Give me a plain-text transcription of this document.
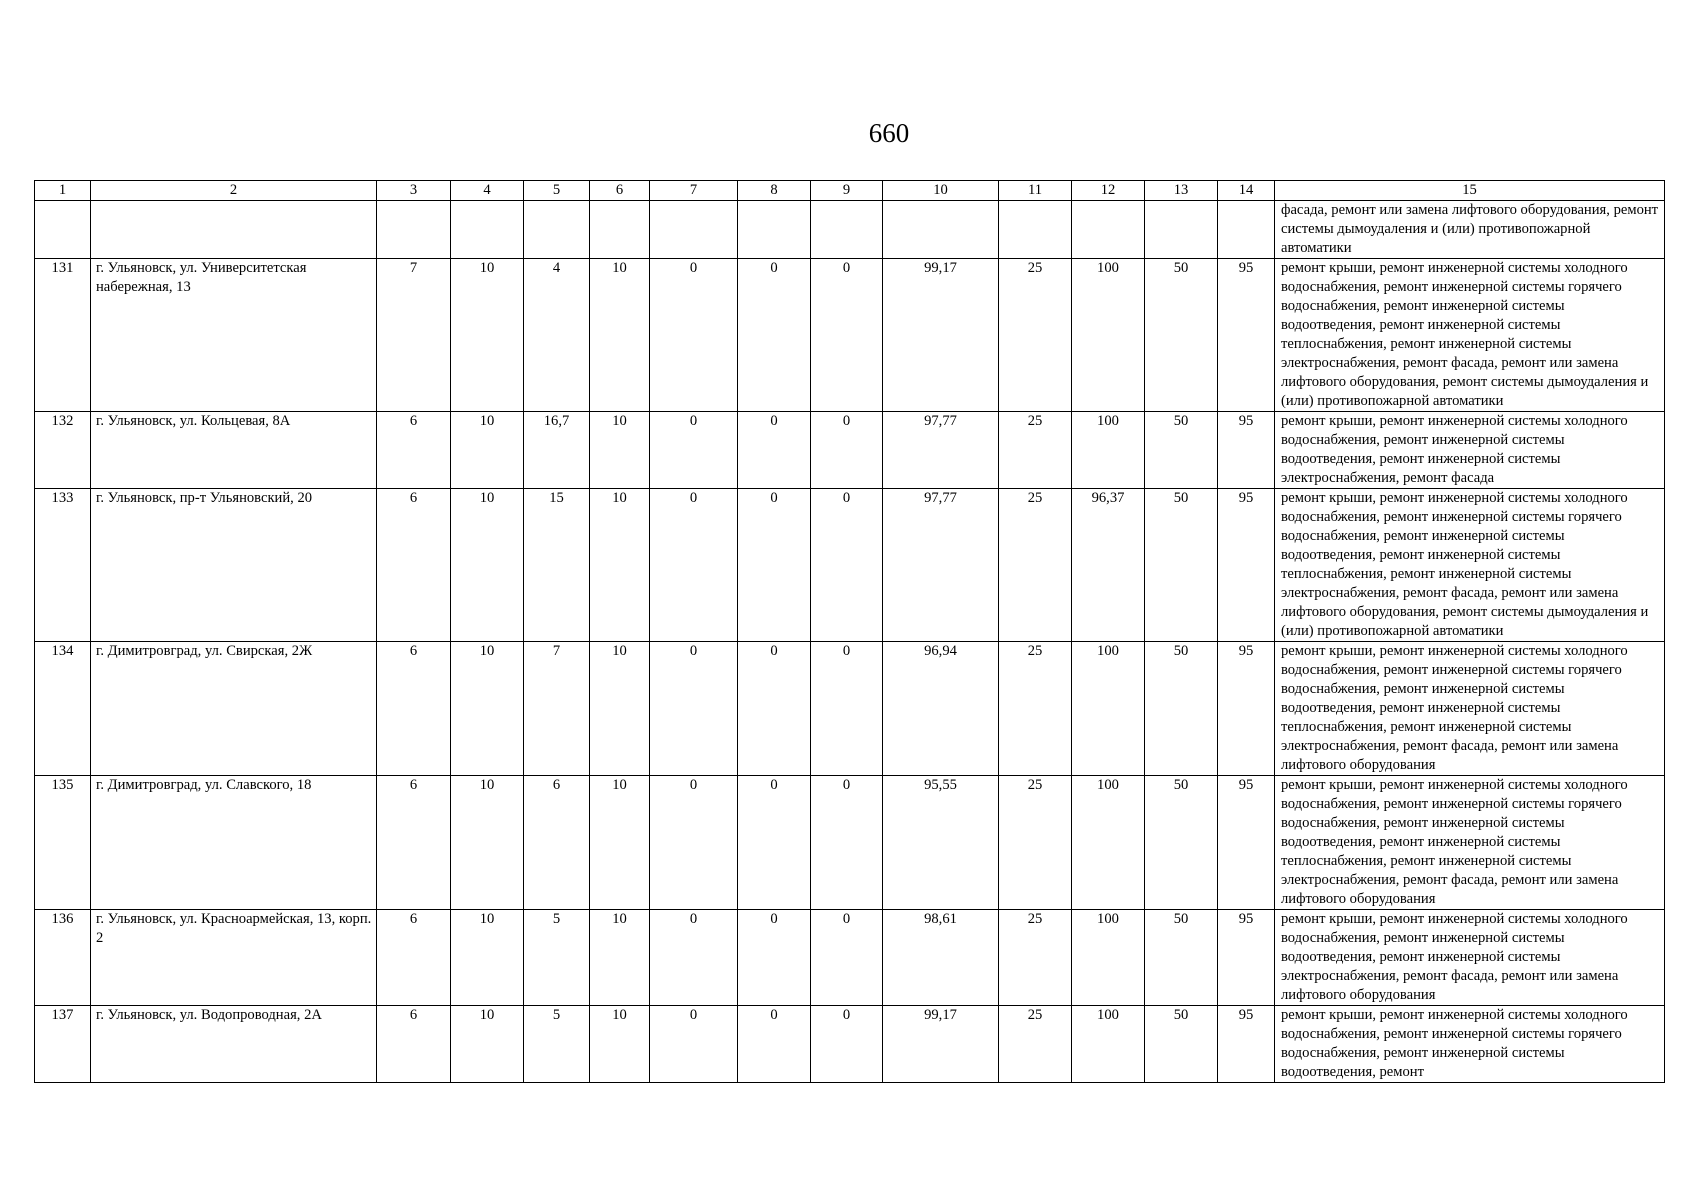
660
1	2	3	4	5	6	7	8	9	10	11	12	13	14	15
														фасада, ремонт или замена лифтового оборудования, ремонт системы дымоудаления и (или) противопожарной автоматики
131	г. Ульяновск, ул. Университетская набережная, 13	7	10	4	10	0	0	0	99,17	25	100	50	95	ремонт крыши, ремонт инженерной системы холодного водоснабжения, ремонт инженерной системы горячего водоснабжения, ремонт инженерной системы водоотведения, ремонт инженерной системы теплоснабжения, ремонт инженерной системы электроснабжения, ремонт фасада, ремонт или замена лифтового оборудования, ремонт системы дымоудаления и (или) противопожарной автоматики
132	г. Ульяновск, ул. Кольцевая, 8А	6	10	16,7	10	0	0	0	97,77	25	100	50	95	ремонт крыши, ремонт инженерной системы холодного водоснабжения, ремонт инженерной системы водоотведения, ремонт инженерной системы электроснабжения, ремонт фасада
133	г. Ульяновск, пр-т Ульяновский, 20	6	10	15	10	0	0	0	97,77	25	96,37	50	95	ремонт крыши, ремонт инженерной системы холодного водоснабжения, ремонт инженерной системы горячего водоснабжения, ремонт инженерной системы водоотведения, ремонт инженерной системы теплоснабжения, ремонт инженерной системы электроснабжения, ремонт фасада, ремонт или замена лифтового оборудования, ремонт системы дымоудаления и (или) противопожарной автоматики
134	г. Димитровград, ул. Свирская, 2Ж	6	10	7	10	0	0	0	96,94	25	100	50	95	ремонт крыши, ремонт инженерной системы холодного водоснабжения, ремонт инженерной системы горячего водоснабжения, ремонт инженерной системы водоотведения, ремонт инженерной системы теплоснабжения, ремонт инженерной системы электроснабжения, ремонт фасада, ремонт или замена лифтового оборудования
135	г. Димитровград, ул. Славского, 18	6	10	6	10	0	0	0	95,55	25	100	50	95	ремонт крыши, ремонт инженерной системы холодного водоснабжения, ремонт инженерной системы горячего водоснабжения, ремонт инженерной системы водоотведения, ремонт инженерной системы теплоснабжения, ремонт инженерной системы электроснабжения, ремонт фасада, ремонт или замена лифтового оборудования
136	г. Ульяновск, ул. Красноармейская, 13, корп. 2	6	10	5	10	0	0	0	98,61	25	100	50	95	ремонт крыши, ремонт инженерной системы холодного водоснабжения, ремонт инженерной системы водоотведения, ремонт инженерной системы электроснабжения, ремонт фасада, ремонт или замена лифтового оборудования
137	г. Ульяновск, ул. Водопроводная, 2А	6	10	5	10	0	0	0	99,17	25	100	50	95	ремонт крыши, ремонт инженерной системы холодного водоснабжения, ремонт инженерной системы горячего водоснабжения, ремонт инженерной системы водоотведения, ремонт
